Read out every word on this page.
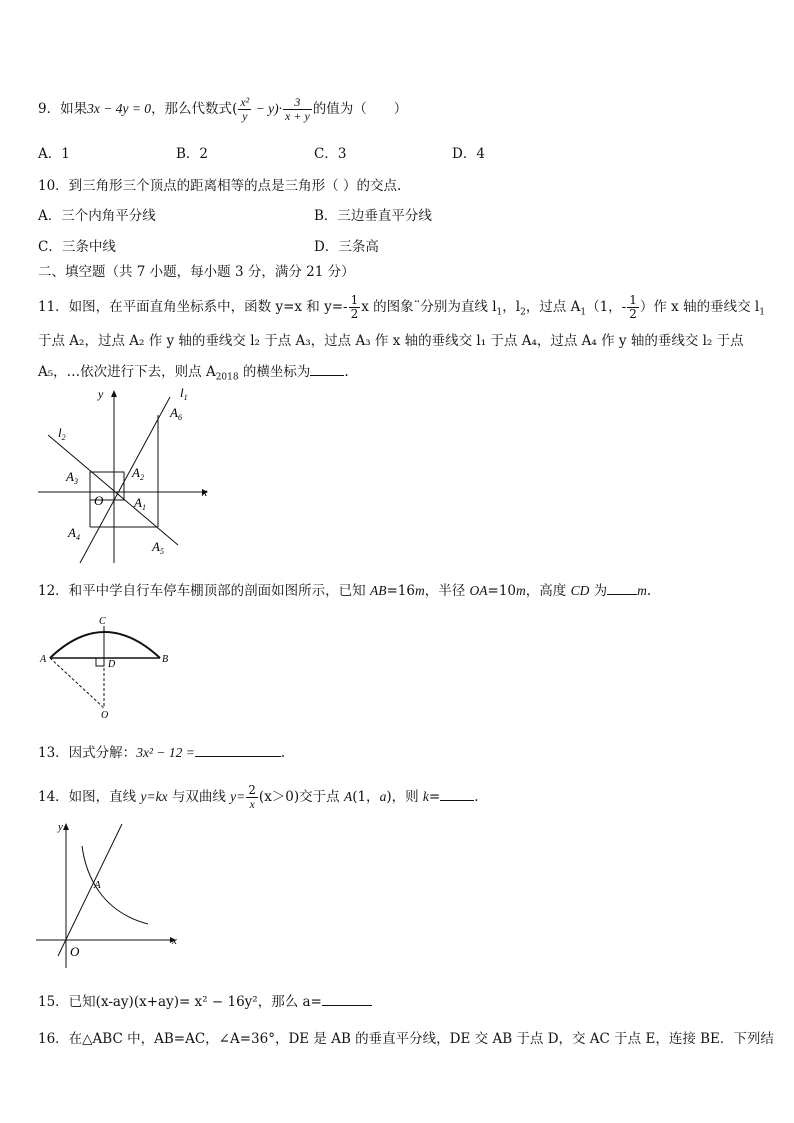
9．如果3x − 4y = 0，那么代数式( $\frac{\text{x²}}{y} - y)\cdot \frac{3}{x + y}$ 的值为（　　）
A．1	B．2	C．3	D．4
10．到三角形三个顶点的距离相等的点是三角形（ ）的交点.
A．三个内角平分线	B．三边垂直平分线
C．三条中线	D．三条高
二、填空题（共 7 小题，每小题 3 分，满分 21 分）
11．如图，在平面直角坐标系中，函数 y=x 和 $y=- \frac{1}{2}$ x 的图象¨分别为直线 $l_1$，$l_2$，过点 $A_1(1$，- $\frac{1}{2}$ ）作 x 轴的垂线交 $l_1$
于点 A₂，过点 A₂ 作 y 轴的垂线交 l₂ 于点 A₃，过点 A₃ 作 x 轴的垂线交 l₁ 于点 A₄，过点 A₄ 作 y 轴的垂线交 l₂ 于点
A₅，…依次进行下去，则点 $A_{2018}$ 的横坐标为	.
y
x
O
$l_1$
$l_2$
$A_1$
$A_2$
$A_3$
$A_4$
$A_5$
$A_6$
12．和平中学自行车停车棚顶部的剖面如图所示，已知 AB=16m，半径 OA=10m，高度 CD 为 m.
A	B
C
D
O
13．因式分解：3x² − 12 =	.
14．如图，直线 y=kx 与双曲线 $y= \frac{2}{x} (x>0)$交于点 A(1，a)，则 k=	.
y
x
O
A
15．已知(x-ay)(x+ay)= x² − 16y²，那么 a=
16．在△ABC 中，AB=AC，∠A=36°，DE 是 AB 的垂直平分线，DE 交 AB 于点 D，交 AC 于点 E，连接 BE．下列结
